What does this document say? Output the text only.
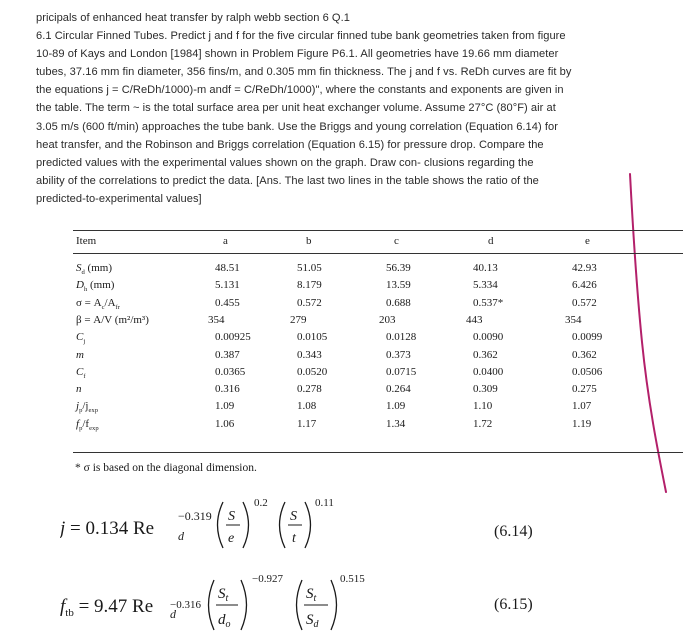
pricipals of enhanced heat transfer by ralph webb section 6 Q.1
6.1 Circular Finned Tubes. Predict j and f for the five circular finned tube bank geometries taken from figure
10-89 of Kays and London [1984] shown in Problem Figure P6.1. All geometries have 19.66 mm diameter
tubes, 37.16 mm fin diameter, 356 fins/m, and 0.305 mm fin thickness. The j and f vs. ReDh curves are fit by
the equations j = C/ReDh/1000)-m andf = C/ReDh/1000)", where the constants and exponents are given in
the table. The term ~ is the total surface area per unit heat exchanger volume. Assume 27°C (80°F) air at
3.05 m/s (600 ft/min) approaches the tube bank. Use the Briggs and young correlation (Equation 6.14) for
heat transfer, and the Robinson and Briggs correlation (Equation 6.15) for pressure drop. Compare the
predicted values with the experimental values shown on the graph. Draw con- clusions regarding the
ability of the correlations to predict the data. [Ans. The last two lines in the table shows the ratio of the
predicted-to-experimental values]
Item	a	b	c	d	e
$S_d$ (mm)	48.51	51.05	56.39	40.13	42.93
$D_h$ (mm)	5.131	8.179	13.59	5.334	6.426
$\sigma = A_c/A_{fr}$	0.455	0.572	0.688	0.537*	0.572
β = A/V (m²/m³)	354	279	203	443	354
$C_j$	0.00925	0.0105	0.0128	0.0090	0.0099
m	0.387	0.343	0.373	0.362	0.362
$C_f$	0.0365	0.0520	0.0715	0.0400	0.0506
n	0.316	0.278	0.264	0.309	0.275
$j_p/j_{exp}$	1.09	1.08	1.09	1.10	1.07
$f_p/f_{exp}$	1.06	1.17	1.34	1.72	1.19
* σ is based on the diagonal dimension.
j = 0.134 Re d
−0.319 S
e
0.2
S
t
0.11
(6.14)
$f_{tb} = 9.47$ Re d
−0.316
$S_t$
$d_o$
−0.927
$S_t$
$S_d$
0.515
(6.15)
